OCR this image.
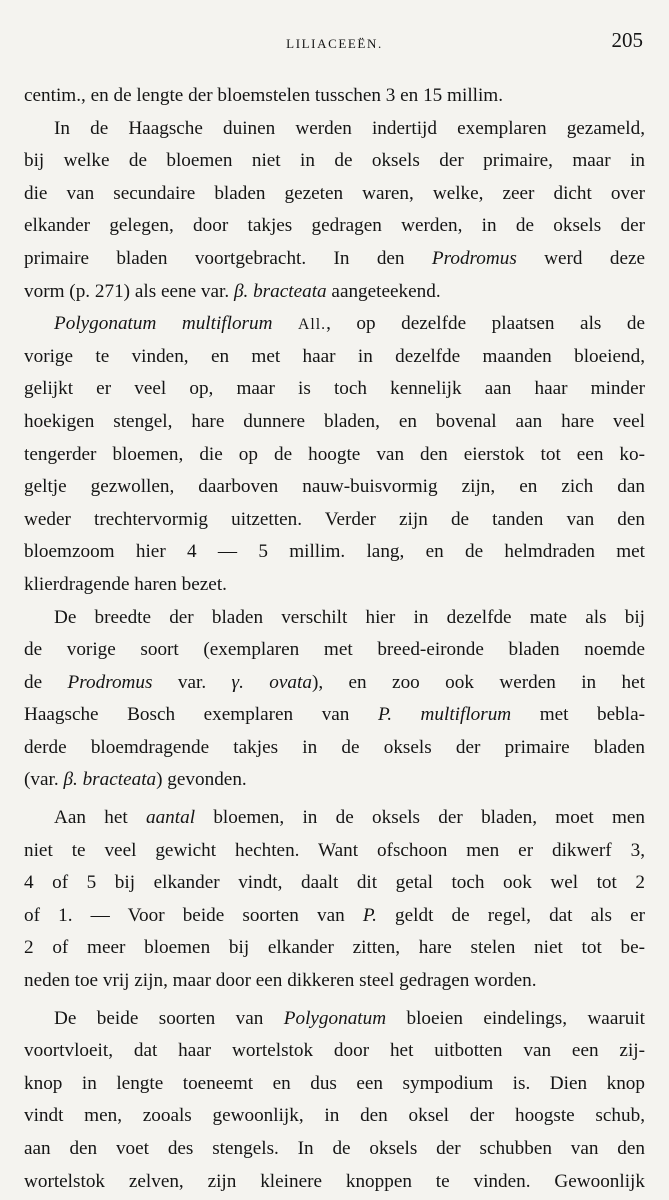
LILIACEEËN.	205
centim., en de lengte der bloemstelen tusschen 3 en 15 millim.
In de Haagsche duinen werden indertijd exemplaren gezameld,
bij welke de bloemen niet in de oksels der primaire, maar in
die van secundaire bladen gezeten waren, welke, zeer dicht over
elkander gelegen, door takjes gedragen werden, in de oksels der
primaire bladen voortgebracht. In den Prodromus werd deze
vorm (p. 271) als eene var. β. bracteata aangeteekend.
Polygonatum multiflorum All., op dezelfde plaatsen als de
vorige te vinden, en met haar in dezelfde maanden bloeiend,
gelijkt er veel op, maar is toch kennelijk aan haar minder
hoekigen stengel, hare dunnere bladen, en bovenal aan hare veel
tengerder bloemen, die op de hoogte van den eierstok tot een ko-
geltje gezwollen, daarboven nauw-buisvormig zijn, en zich dan
weder trechtervormig uitzetten. Verder zijn de tanden van den
bloemzoom hier 4 — 5 millim. lang, en de helmdraden met
klierdragende haren bezet.
De breedte der bladen verschilt hier in dezelfde mate als bij
de vorige soort (exemplaren met breed-eironde bladen noemde
de Prodromus var. γ. ovata), en zoo ook werden in het
Haagsche Bosch exemplaren van P. multiflorum met bebla-
derde bloemdragende takjes in de oksels der primaire bladen
(var. β. bracteata) gevonden.
Aan het aantal bloemen, in de oksels der bladen, moet men
niet te veel gewicht hechten. Want ofschoon men er dikwerf 3,
4 of 5 bij elkander vindt, daalt dit getal toch ook wel tot 2
of 1. — Voor beide soorten van P. geldt de regel, dat als er
2 of meer bloemen bij elkander zitten, hare stelen niet tot be-
neden toe vrij zijn, maar door een dikkeren steel gedragen worden.
De beide soorten van Polygonatum bloeien eindelings, waaruit
voortvloeit, dat haar wortelstok door het uitbotten van een zij-
knop in lengte toeneemt en dus een sympodium is. Dien knop
vindt men, zooals gewoonlijk, in den oksel der hoogste schub,
aan den voet des stengels. In de oksels der schubben van den
wortelstok zelven, zijn kleinere knoppen te vinden. Gewoonlijk
